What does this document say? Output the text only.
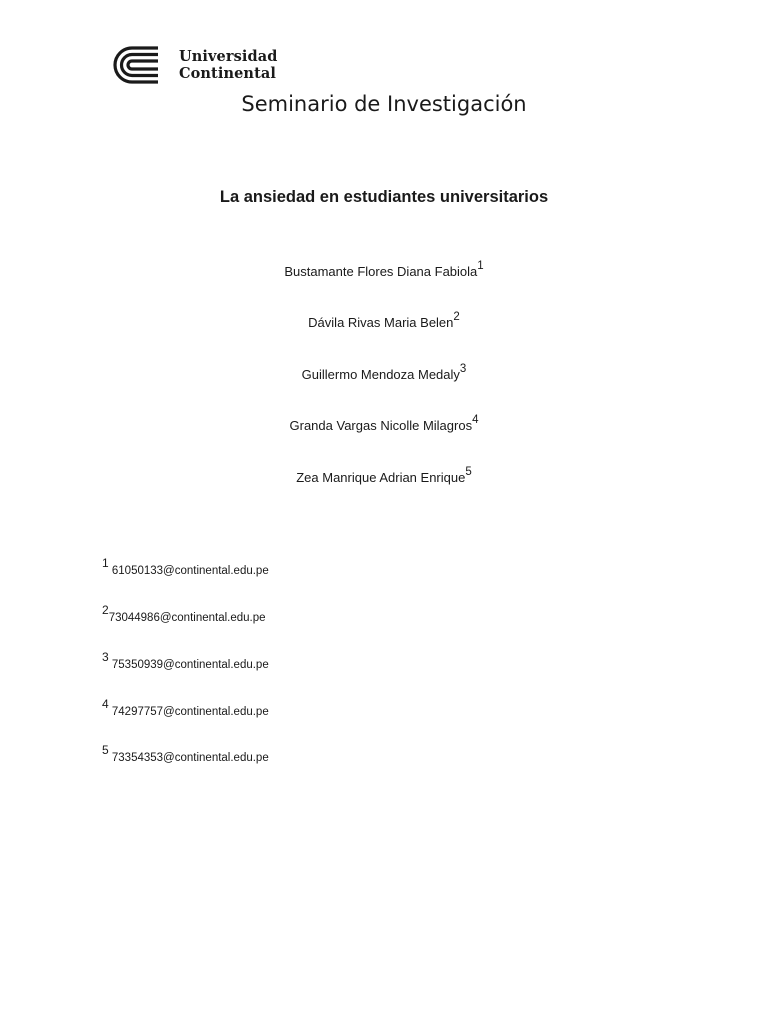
Universidad
Continental
Seminario de Investigación
La ansiedad en estudiantes universitarios
Bustamante Flores Diana Fabiola$^1$
Dávila Rivas Maria Belen$^2$
Guillermo Mendoza Medaly$^3$
Granda Vargas Nicolle Milagros$^4$
Zea Manrique Adrian Enrique$^5$
$^1$ 61050133@continental.edu.pe
$^2$73044986@continental.edu.pe
$^3$ 75350939@continental.edu.pe
$^4$ 74297757@continental.edu.pe
$^5$ 73354353@continental.edu.pe
